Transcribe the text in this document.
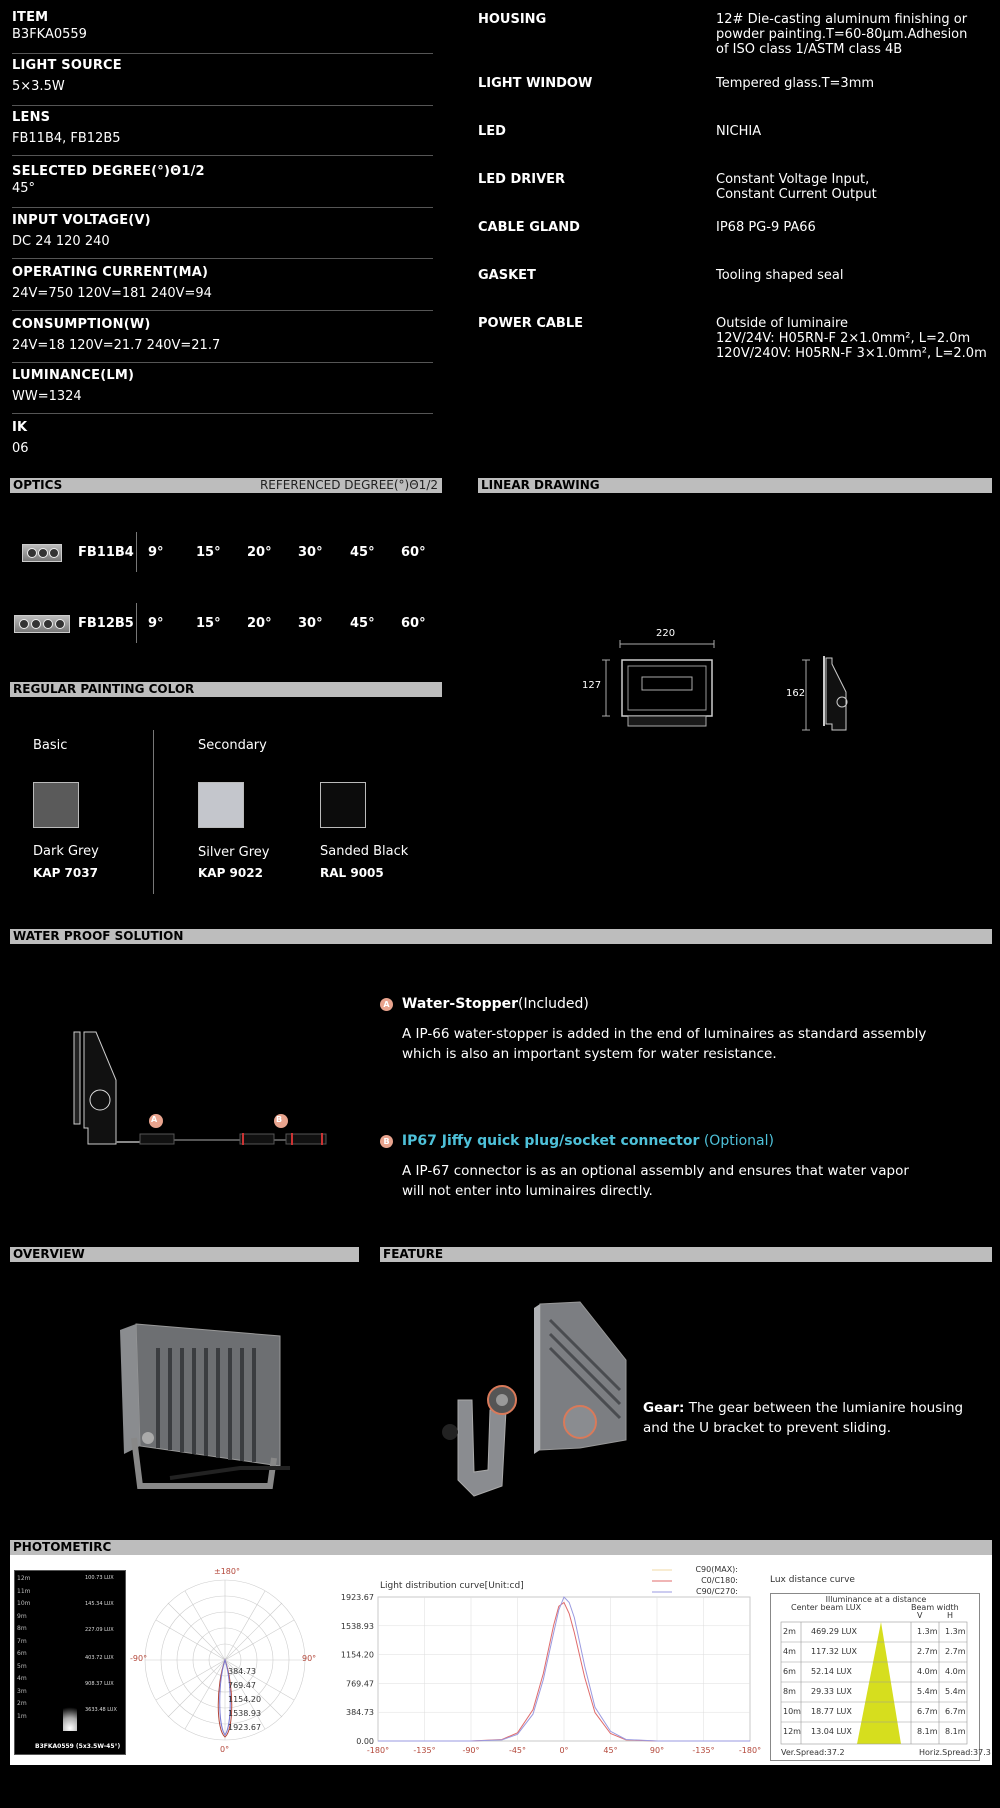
ITEM
B3FKA0559
LIGHT SOURCE
5×3.5W
LENS
FB11B4, FB12B5
SELECTED DEGREE(°)Θ1/2
45°
INPUT VOLTAGE(V)
DC 24 120 240
OPERATING CURRENT(MA)
24V=750 120V=181 240V=94
CONSUMPTION(W)
24V=18 120V=21.7 240V=21.7
LUMINANCE(LM)
WW=1324
IK
06
HOUSING	12# Die-casting aluminum finishing or
powder painting.T=60-80μm.Adhesion
of ISO class 1/ASTM class 4B
LIGHT WINDOW	Tempered glass.T=3mm
LED	NICHIA
LED DRIVER	Constant Voltage Input,
Constant Current Output
CABLE GLAND	IP68 PG-9 PA66
GASKET	Tooling shaped seal
POWER CABLE	Outside of luminaire
12V/24V: H05RN-F 2×1.0mm², L=2.0m
120V/240V: H05RN-F 3×1.0mm², L=2.0m
OPTICS	REFERENCED DEGREE(°)Θ1/2
FB11B4 9° 15° 20° 30° 45° 60°
FB12B5 9° 15° 20° 30° 45° 60°
LINEAR DRAWING
220
127
162
REGULAR PAINTING COLOR
Basic	Secondary
Dark Grey
KAP 7037
Silver Grey
KAP 9022
Sanded Black
RAL 9005
WATER PROOF SOLUTION
A	B
A Water-Stopper(Included)
A IP-66 water-stopper is added in the end of luminaires as standard assembly
which is also an important system for water resistance.
B IP67 Jiffy quick plug/socket connector (Optional)
A IP-67 connector is as an optional assembly and ensures that water vapor
will not enter into luminaires directly.
OVERVIEW	FEATURE
Gear: The gear between the lumianire housing
and the U bracket to prevent sliding.
PHOTOMETIRC
12m
11m
10m
9m
8m
7m
6m
5m
4m
3m
2m
1m
100.73 LUX
145.34 LUX
227.09 LUX
403.72 LUX
908.37 LUX
3633.48 LUX
B3FKA0559 (5x3.5W-45°)
±180°
-90°	90°
0°
384.73
769.47
1154.20
1538.93
1923.67
Light distribution curve[Unit:cd]
C90(MAX):
C0/C180:
C90/C270:
1923.67
1538.93
1154.20
769.47
384.73
0.00
-180°	-135°	-90°	-45°	0°	45°	90°	-135°	-180°
Lux distance curve
Illuminance at a distance
Center beam LUX	Beam width
V	H
2m 469.29 LUX	1.3m 1.3m
4m 117.32 LUX	2.7m 2.7m
6m 52.14 LUX	4.0m 4.0m
8m 29.33 LUX	5.4m 5.4m
10m 18.77 LUX	6.7m 6.7m
12m 13.04 LUX	8.1m 8.1m
Ver.Spread:37.2	Horiz.Spread:37.3
